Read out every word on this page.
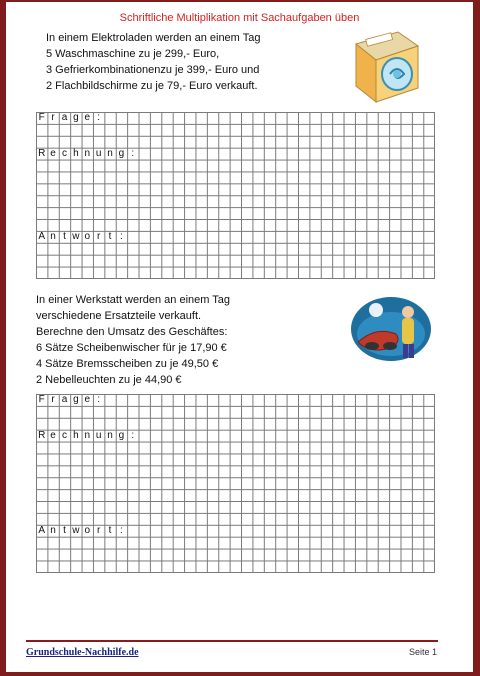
Schriftliche Multiplikation mit Sachaufgaben üben
In einem Elektroladen werden an einem Tag
5 Waschmaschine zu je 299,- Euro,
3 Gefrierkombinationenzu je 399,- Euro und
2 Flachbildschirme zu je 79,- Euro verkauft.
F r a g e :
R e c h n u n g :
A n t w o r t :
In einer Werkstatt werden an einem Tag
verschiedene Ersatzteile verkauft.
Berechne den Umsatz des Geschäftes:
6 Sätze Scheibenwischer für je 17,90 €
4 Sätze Bremsscheiben zu je 49,50 €
2 Nebelleuchten zu je 44,90 €
F r a g e :
R e c h n u n g :
A n t w o r t :
Grundschule-Nachhilfe.de	Seite 1
